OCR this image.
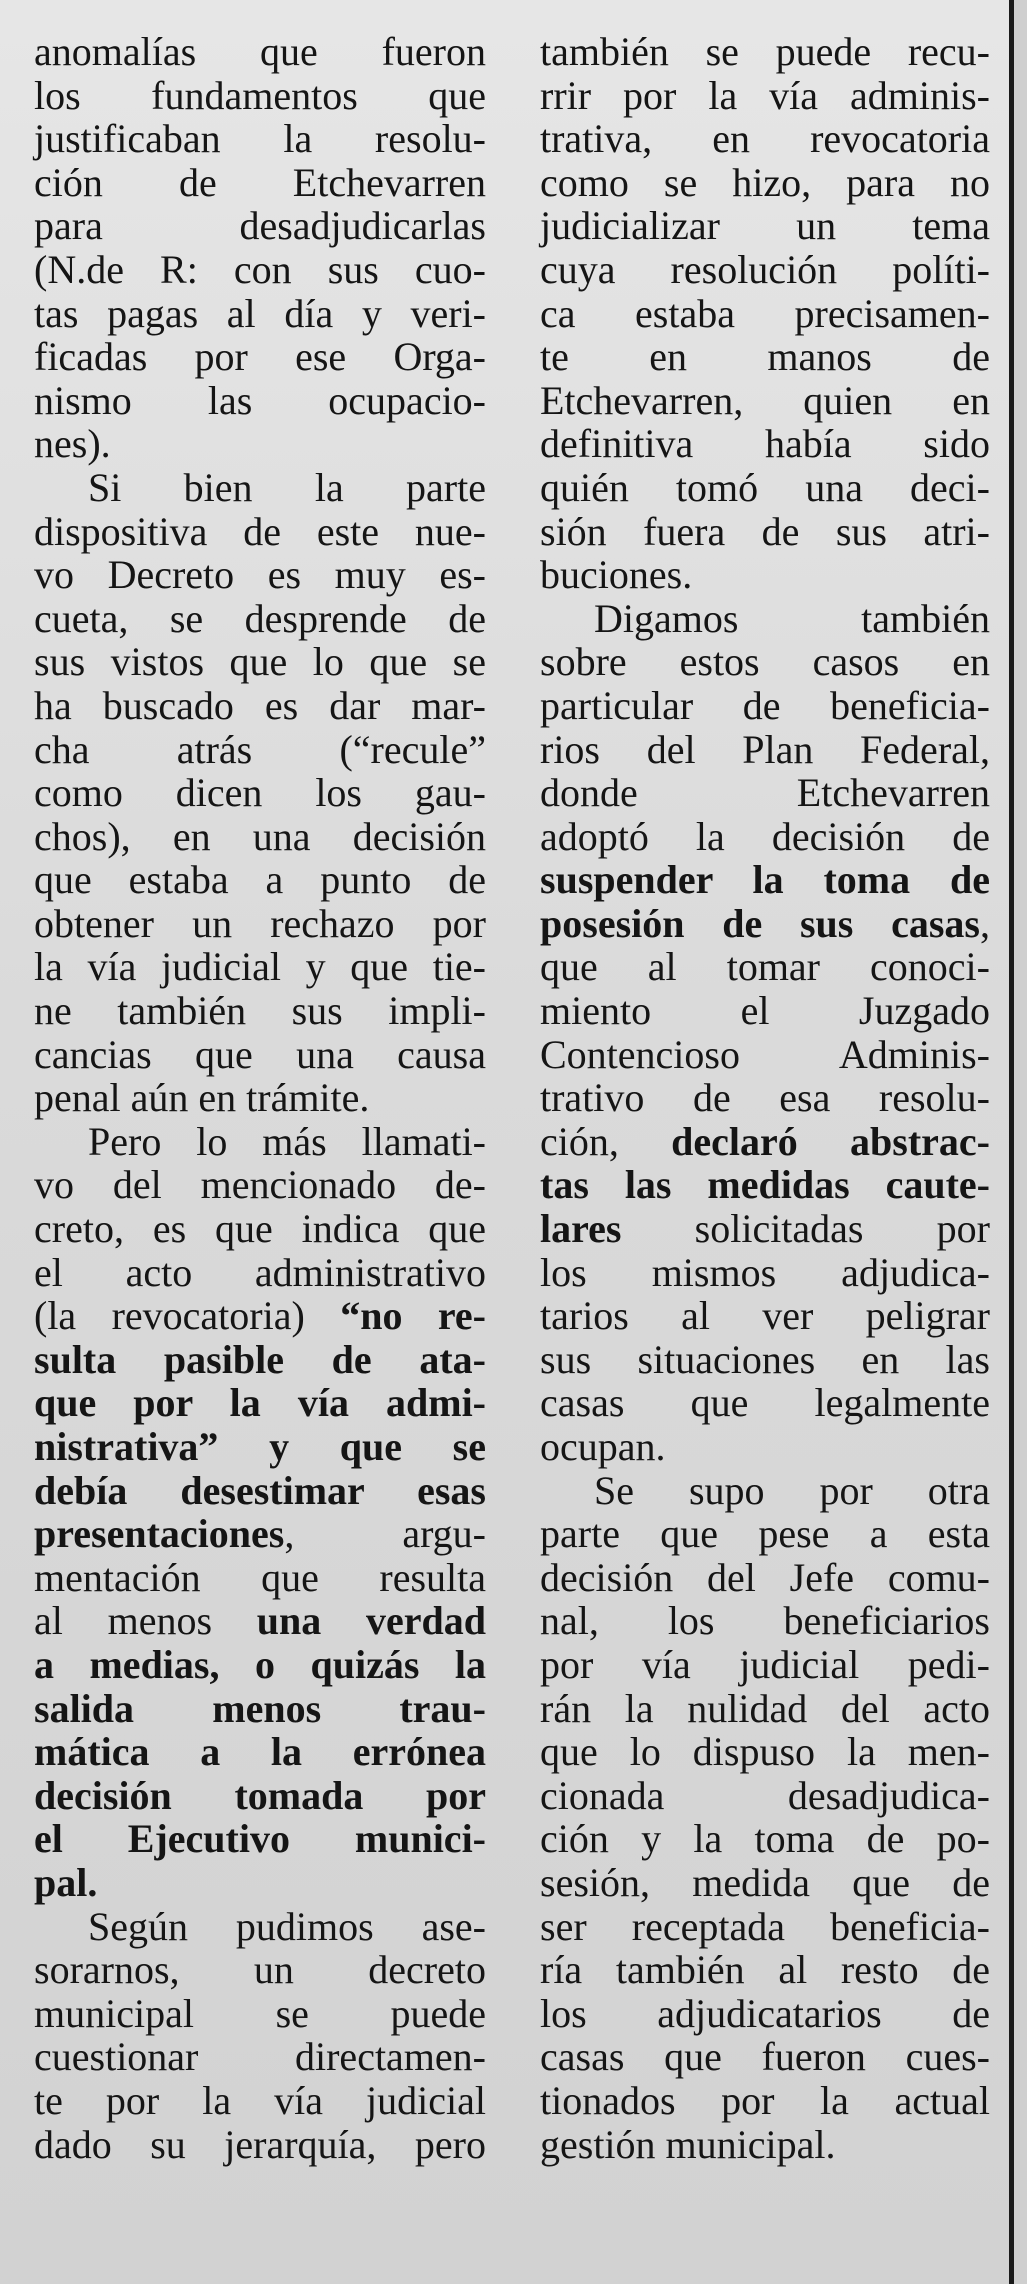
anomalías que fueron

los fundamentos que

justificaban la resolu-

ción de Etchevarren

para desadjudicarlas

(N.de R: con sus cuo-

tas pagas al día y veri-

ficadas por ese Orga-

nismo las ocupacio-

nes).

Si bien la parte

dispositiva de este nue-

vo Decreto es muy es-

cueta, se desprende de

sus vistos que lo que se

ha buscado es dar mar-

cha atrás (“recule”

como dicen los gau-

chos), en una decisión

que estaba a punto de

obtener un rechazo por

la vía judicial y que tie-

ne también sus impli-

cancias que una causa

penal aún en trámite.

Pero lo más llamati-

vo del mencionado de-

creto, es que indica que

el acto administrativo

(la revocatoria) “no re-

sulta pasible de ata-

que por la vía admi-

nistrativa” y que se

debía desestimar esas

presentaciones, argu-

mentación que resulta

al menos una verdad

a medias, o quizás la

salida menos trau-

mática a la errónea

decisión tomada por

el Ejecutivo munici-

pal.

Según pudimos ase-

sorarnos, un decreto

municipal se puede

cuestionar directamen-

te por la vía judicial

dado su jerarquía, pero

también se puede recu-

rrir por la vía adminis-

trativa, en revocatoria

como se hizo, para no

judicializar un tema

cuya resolución políti-

ca estaba precisamen-

te en manos de

Etchevarren, quien en

definitiva había sido

quién tomó una deci-

sión fuera de sus atri-

buciones.

Digamos también

sobre estos casos en

particular de beneficia-

rios del Plan Federal,

donde Etchevarren

adoptó la decisión de

suspender la toma de

posesión de sus casas,

que al tomar conoci-

miento el Juzgado

Contencioso Adminis-

trativo de esa resolu-

ción, declaró abstrac-

tas las medidas caute-

lares solicitadas por

los mismos adjudica-

tarios al ver peligrar

sus situaciones en las

casas que legalmente

ocupan.

Se supo por otra

parte que pese a esta

decisión del Jefe comu-

nal, los beneficiarios

por vía judicial pedi-

rán la nulidad del acto

que lo dispuso la men-

cionada desadjudica-

ción y la toma de po-

sesión, medida que de

ser receptada beneficia-

ría también al resto de

los adjudicatarios de

casas que fueron cues-

tionados por la actual

gestión municipal.
